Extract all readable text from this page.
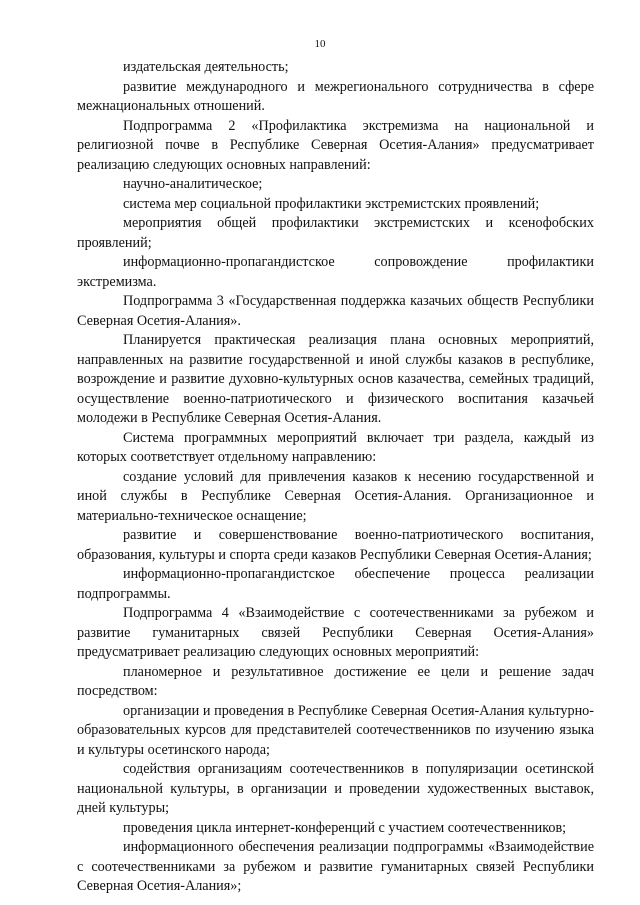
10

издательская деятельность;

развитие международного и межрегионального сотрудничества в сфере межнациональных отношений.

Подпрограмма 2 «Профилактика экстремизма на национальной и религиозной почве в Республике Северная Осетия-Алания» предусматривает реализацию следующих основных направлений:

научно-аналитическое;

система мер социальной профилактики экстремистских проявлений;

мероприятия общей профилактики экстремистских и ксенофобских проявлений;

информационно-пропагандистское сопровождение профилактики экстремизма.

Подпрограмма 3 «Государственная поддержка казачьих обществ Республики Северная Осетия-Алания».

Планируется практическая реализация плана основных мероприятий, направленных на развитие государственной и иной службы казаков в республике, возрождение и развитие духовно-культурных основ казачества, семейных традиций, осуществление военно-патриотического и физического воспитания казачьей молодежи в Республике Северная Осетия-Алания.

Система программных мероприятий включает три раздела, каждый из которых соответствует отдельному направлению:

создание условий для привлечения казаков к несению государственной и иной службы в Республике Северная Осетия-Алания. Организационное и материально-техническое оснащение;

развитие и совершенствование военно-патриотического воспитания, образования, культуры и спорта среди казаков Республики Северная Осетия-Алания;

информационно-пропагандистское обеспечение процесса реализации подпрограммы.

Подпрограмма 4 «Взаимодействие с соотечественниками за рубежом и развитие гуманитарных связей Республики Северная Осетия-Алания» предусматривает реализацию следующих основных мероприятий:

планомерное и результативное достижение ее цели и решение задач посредством:

организации и проведения в Республике Северная Осетия-Алания культурно-образовательных курсов для представителей соотечественников по изучению языка и культуры осетинского народа;

содействия организациям соотечественников в популяризации осетинской национальной культуры, в организации и проведении художественных выставок, дней культуры;

проведения цикла интернет-конференций с участием соотечественников;

информационного обеспечения реализации подпрограммы «Взаимодействие с соотечественниками за рубежом и развитие гуманитарных связей Республики Северная Осетия-Алания»;
